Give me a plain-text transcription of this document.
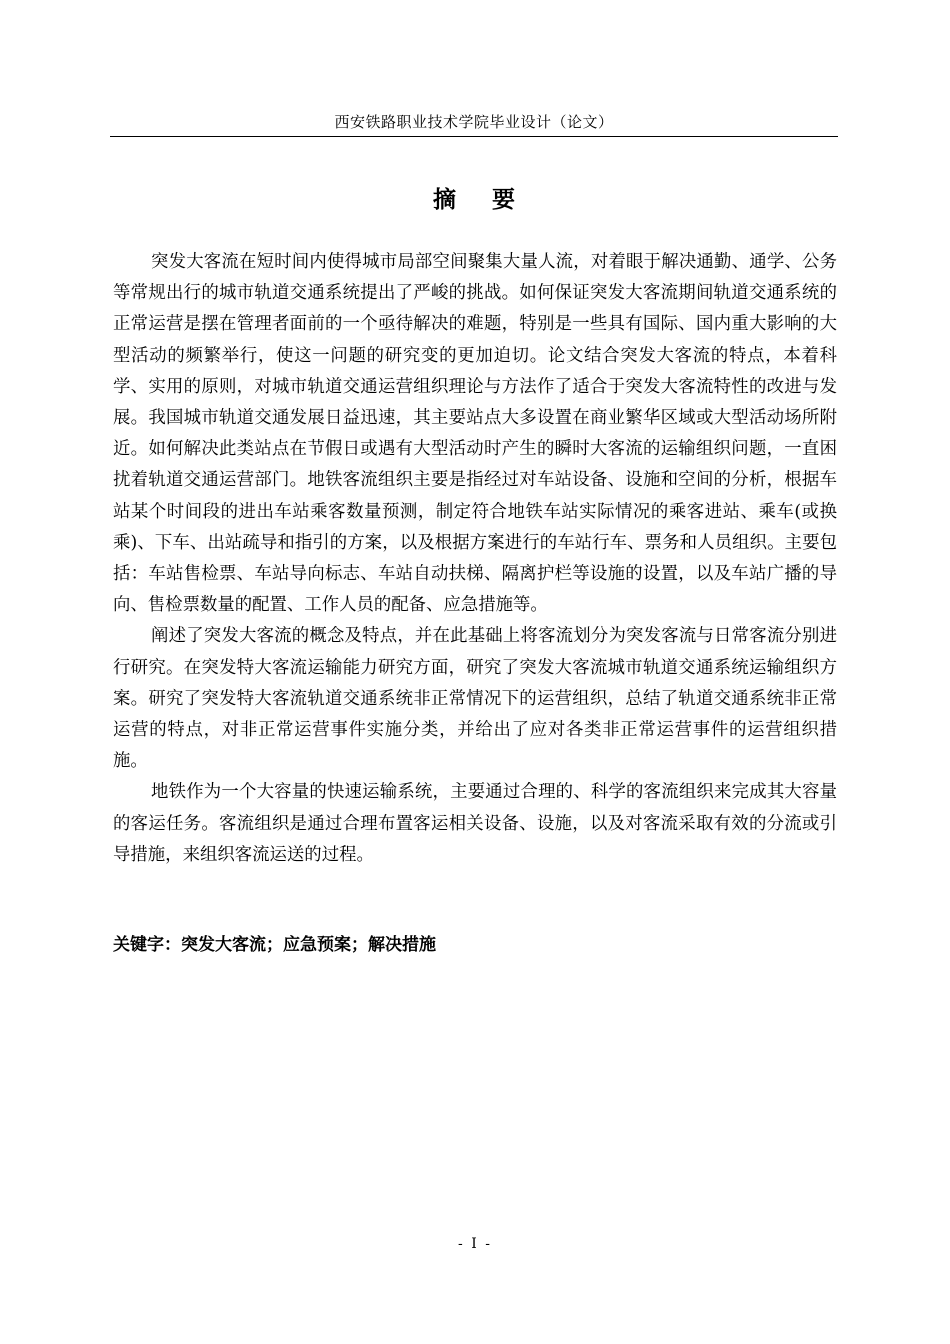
西安铁路职业技术学院毕业设计（论文）
摘要

突发大客流在短时间内使得城市局部空间聚集大量人流，对着眼于解决通勤、通学、公务等常规出行的城市轨道交通系统提出了严峻的挑战。如何保证突发大客流期间轨道交通系统的正常运营是摆在管理者面前的一个亟待解决的难题，特别是一些具有国际、国内重大影响的大型活动的频繁举行，使这一问题的研究变的更加迫切。论文结合突发大客流的特点，本着科学、实用的原则，对城市轨道交通运营组织理论与方法作了适合于突发大客流特性的改进与发展。我国城市轨道交通发展日益迅速，其主要站点大多设置在商业繁华区域或大型活动场所附近。如何解决此类站点在节假日或遇有大型活动时产生的瞬时大客流的运输组织问题，一直困扰着轨道交通运营部门。地铁客流组织主要是指经过对车站设备、设施和空间的分析，根据车站某个时间段的进出车站乘客数量预测，制定符合地铁车站实际情况的乘客进站、乘车(或换乘)、下车、出站疏导和指引的方案，以及根据方案进行的车站行车、票务和人员组织。主要包括：车站售检票、车站导向标志、车站自动扶梯、隔离护栏等设施的设置，以及车站广播的导向、售检票数量的配置、工作人员的配备、应急措施等。

阐述了突发大客流的概念及特点，并在此基础上将客流划分为突发客流与日常客流分别进行研究。在突发特大客流运输能力研究方面，研究了突发大客流城市轨道交通系统运输组织方案。研究了突发特大客流轨道交通系统非正常情况下的运营组织，总结了轨道交通系统非正常运营的特点，对非正常运营事件实施分类，并给出了应对各类非正常运营事件的运营组织措施。

地铁作为一个大容量的快速运输系统，主要通过合理的、科学的客流组织来完成其大容量的客运任务。客流组织是通过合理布置客运相关设备、设施，以及对客流采取有效的分流或引导措施，来组织客流运送的过程。

关键字：突发大客流；应急预案；解决措施
- I -
